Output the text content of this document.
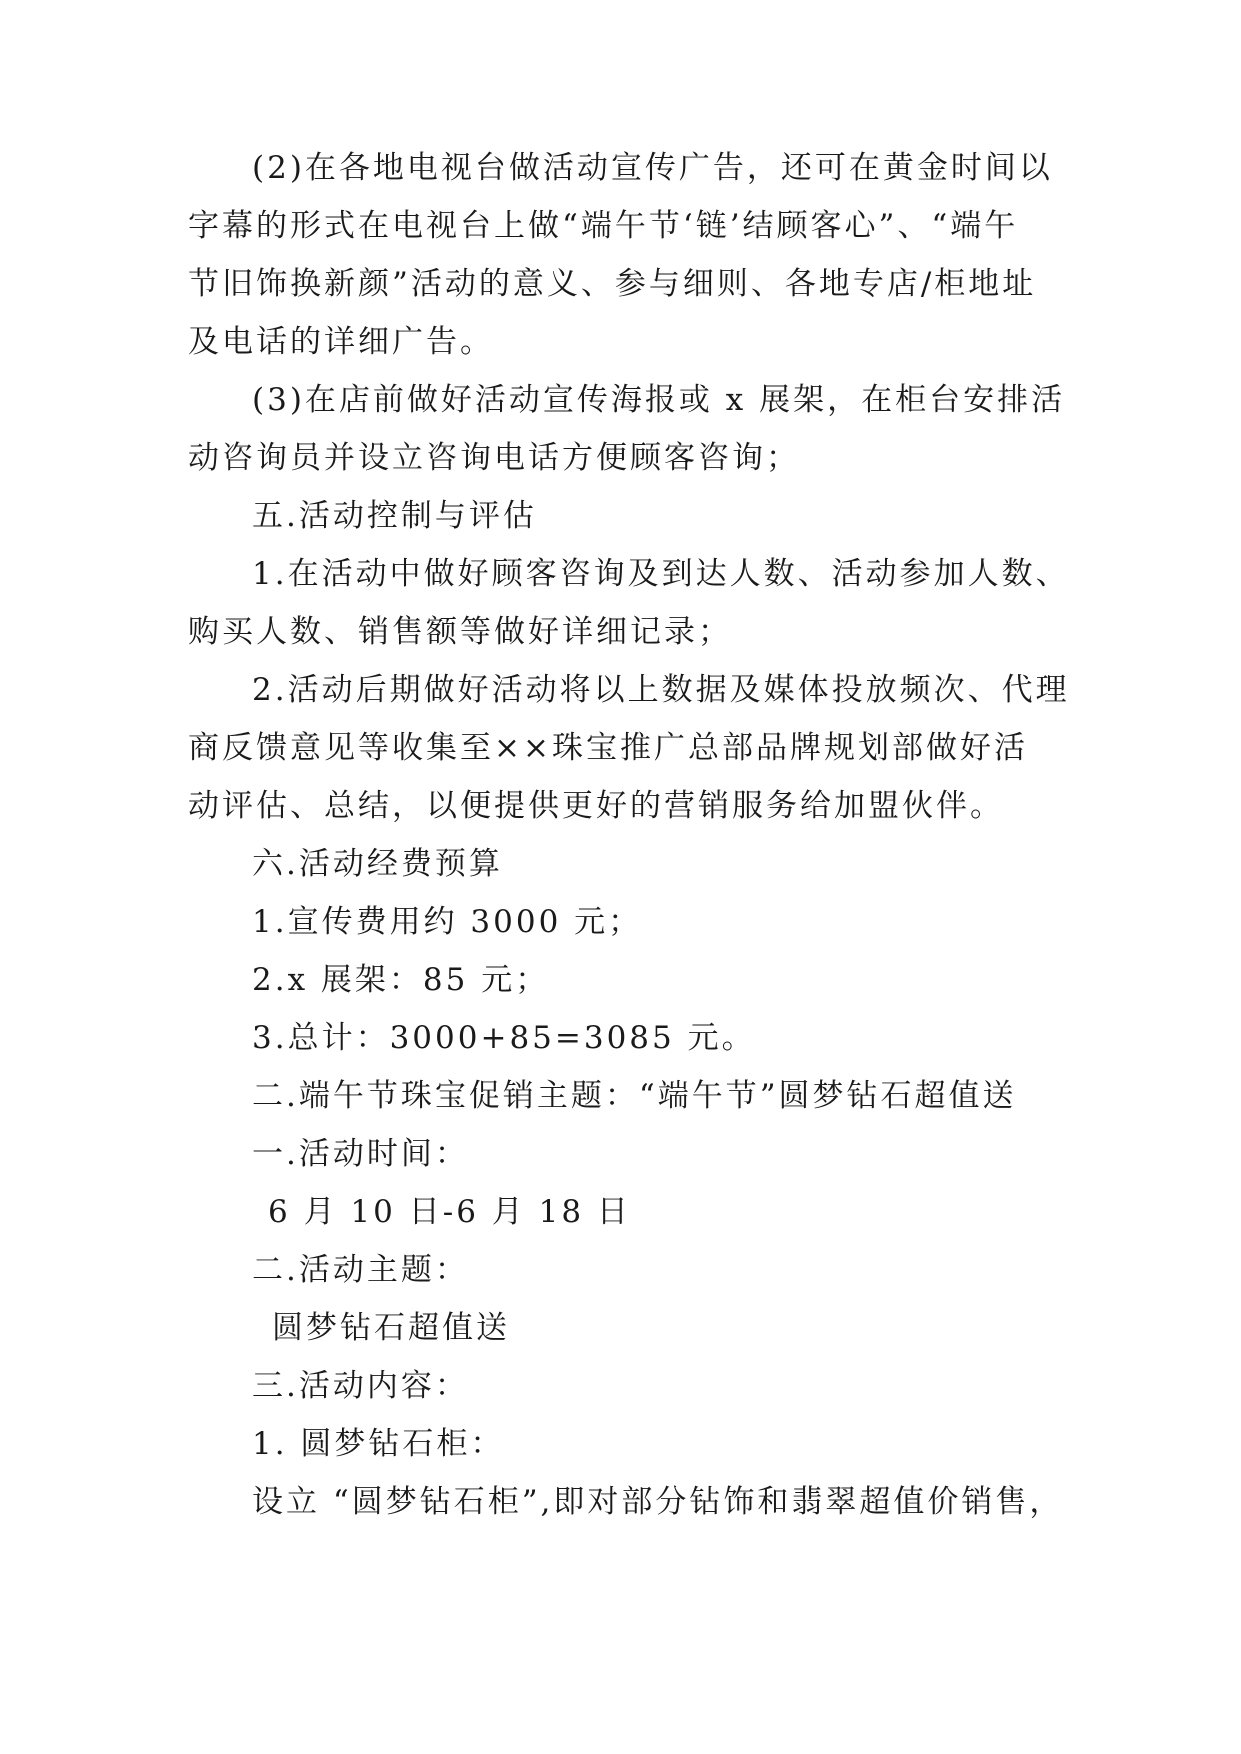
(2)在各地电视台做活动宣传广告，还可在黄金时间以
字幕的形式在电视台上做“端午节‘链’结顾客心”、“端午
节旧饰换新颜”活动的意义、参与细则、各地专店/柜地址
及电话的详细广告。
(3)在店前做好活动宣传海报或 x 展架，在柜台安排活
动咨询员并设立咨询电话方便顾客咨询；
五.活动控制与评估
1.在活动中做好顾客咨询及到达人数、活动参加人数、
购买人数、销售额等做好详细记录；
2.活动后期做好活动将以上数据及媒体投放频次、代理
商反馈意见等收集至××珠宝推广总部品牌规划部做好活
动评估、总结，以便提供更好的营销服务给加盟伙伴。
六.活动经费预算
1.宣传费用约 3000 元；
2.x 展架：85 元；
3.总计：3000+85=3085 元。
二.端午节珠宝促销主题：“端午节”圆梦钻石超值送
一.活动时间：
6 月 10 日-6 月 18 日
二.活动主题：
圆梦钻石超值送
三.活动内容：
1. 圆梦钻石柜：
设立 “圆梦钻石柜”,即对部分钻饰和翡翠超值价销售，
